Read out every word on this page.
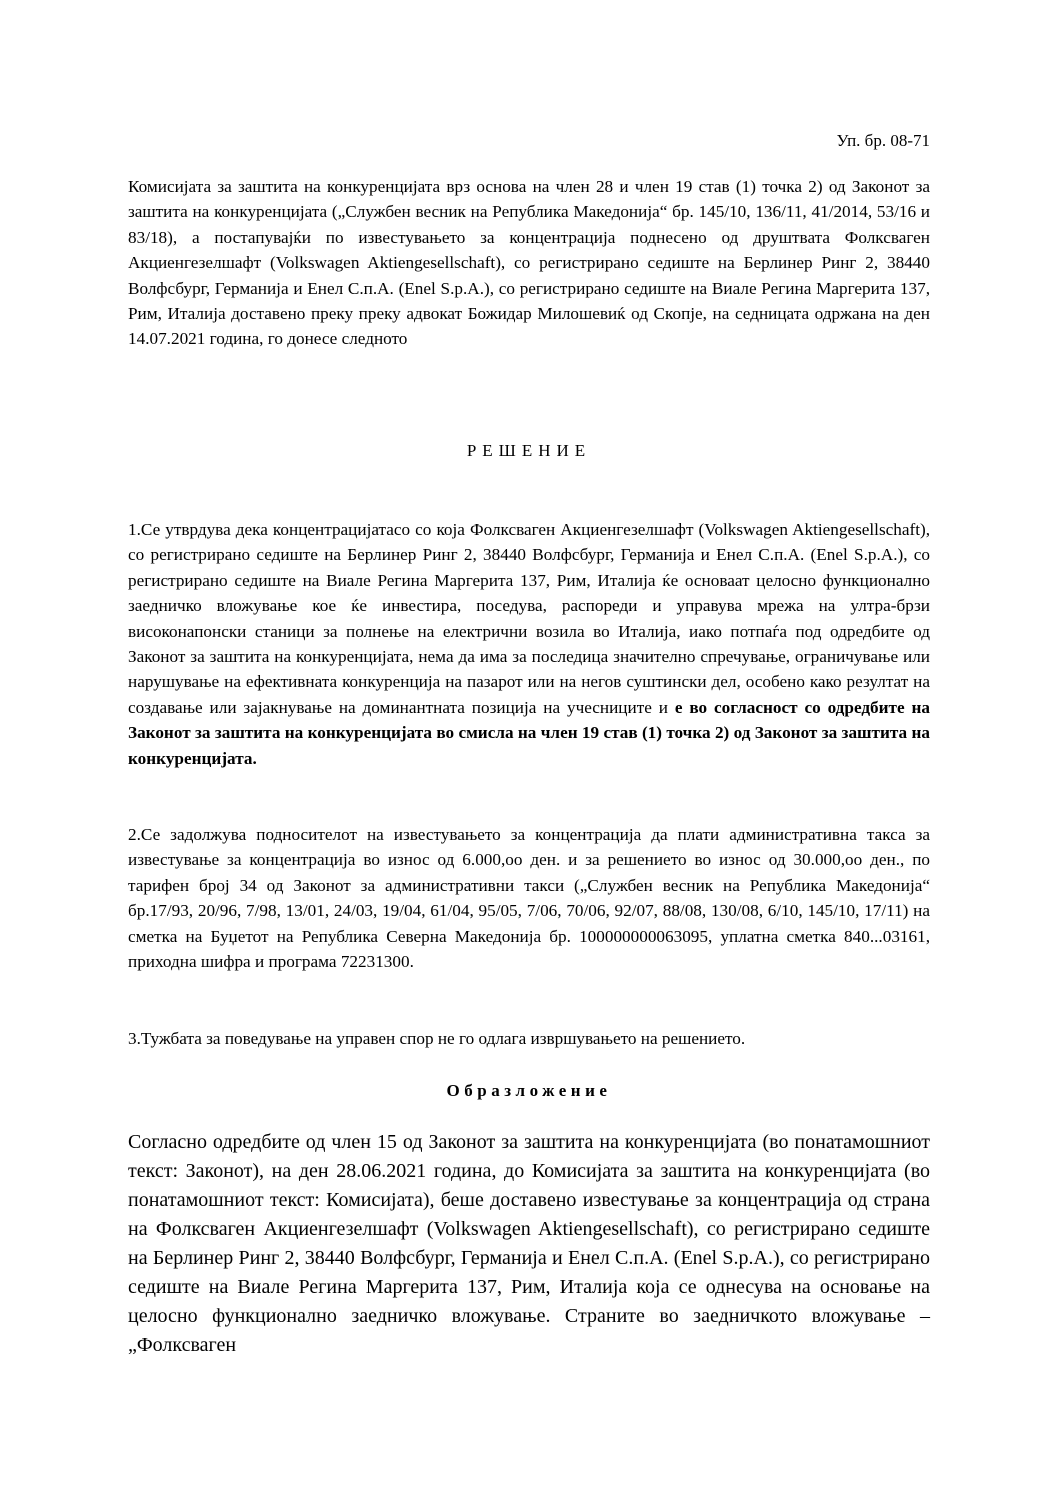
Уп. бр. 08-71

Комисијата за заштита на конкуренцијата врз основа на член 28 и член 19 став (1) точка 2) од Законот за заштита на конкуренцијата („Службен весник на Република Македонија“ бр. 145/10, 136/11, 41/2014, 53/16 и 83/18), а постапувајќи по известувањето за концентрација поднесено од друштвата Фолксваген Акциенгезелшафт (Volkswagen Aktiengesellschaft), со регистрирано седиште на Берлинер Ринг 2, 38440 Волфсбург, Германија и Енел С.п.А. (Enel S.p.A.), со регистрирано седиште на Виале Регина Маргерита 137, Рим, Италија доставено преку преку адвокат Божидар Милошевиќ од Скопје, на седницата одржана на ден 14.07.2021 година, го донесе следното

РЕШЕНИЕ

1.Се утврдува дека концентрацијатасо со која Фолксваген Акциенгезелшафт (Volkswagen Aktiengesellschaft), со регистрирано седиште на Берлинер Ринг 2, 38440 Волфсбург, Германија и Енел С.п.А. (Enel S.p.A.), со регистрирано седиште на Виале Регина Маргерита 137, Рим, Италија ќе основаат целосно функционално заедничко вложување кое ќе инвестира, поседува, распореди и управува мрежа на ултра-брзи високонапонски станици за полнење на електрични возила во Италија, иако потпаѓа под одредбите од Законот за заштита на конкуренцијата, нема да има за последица значително спречување, ограничување или нарушување на ефективната конкуренција на пазарот или на негов суштински дел, особено како резултат на создавање или зајакнување на доминантната позиција на учесниците и е во согласност со одредбите на Законот за заштита на конкуренцијата во смисла на член 19 став (1) точка 2) од Законот за заштита на конкуренцијата.

2.Се задолжува подносителот на известувањето за концентрација да плати административна такса за известување за концентрација во износ од 6.000,оо ден. и за решението во износ од 30.000,оо ден., по тарифен број 34 од Законот за административни такси („Службен весник на Република Македонија“ бр.17/93, 20/96, 7/98, 13/01, 24/03, 19/04, 61/04, 95/05, 7/06, 70/06, 92/07, 88/08, 130/08, 6/10, 145/10, 17/11) на сметка на Буџетот на Република Северна Македонија бр. 100000000063095, уплатна сметка 840...03161, приходна шифра и програма 72231300.

3.Тужбата за поведување на управен спор не го одлага извршувањето на решението.

Образложение

Согласно одредбите од член 15 од Законот за заштита на конкуренцијата (во понатамошниот текст: Законот), на ден 28.06.2021 година, до Комисијата за заштита на конкуренцијата (во понатамошниот текст: Комисијата), беше доставено известување за концентрација од страна на Фолксваген Акциенгезелшафт (Volkswagen Aktiengesellschaft), со регистрирано седиште на Берлинер Ринг 2, 38440 Волфсбург, Германија и Енел С.п.А. (Enel S.p.A.), со регистрирано седиште на Виале Регина Маргерита 137, Рим, Италија која се однесува на основање на целосно функционално заедничко вложување. Страните во заедничкото вложување – „Фолксваген
